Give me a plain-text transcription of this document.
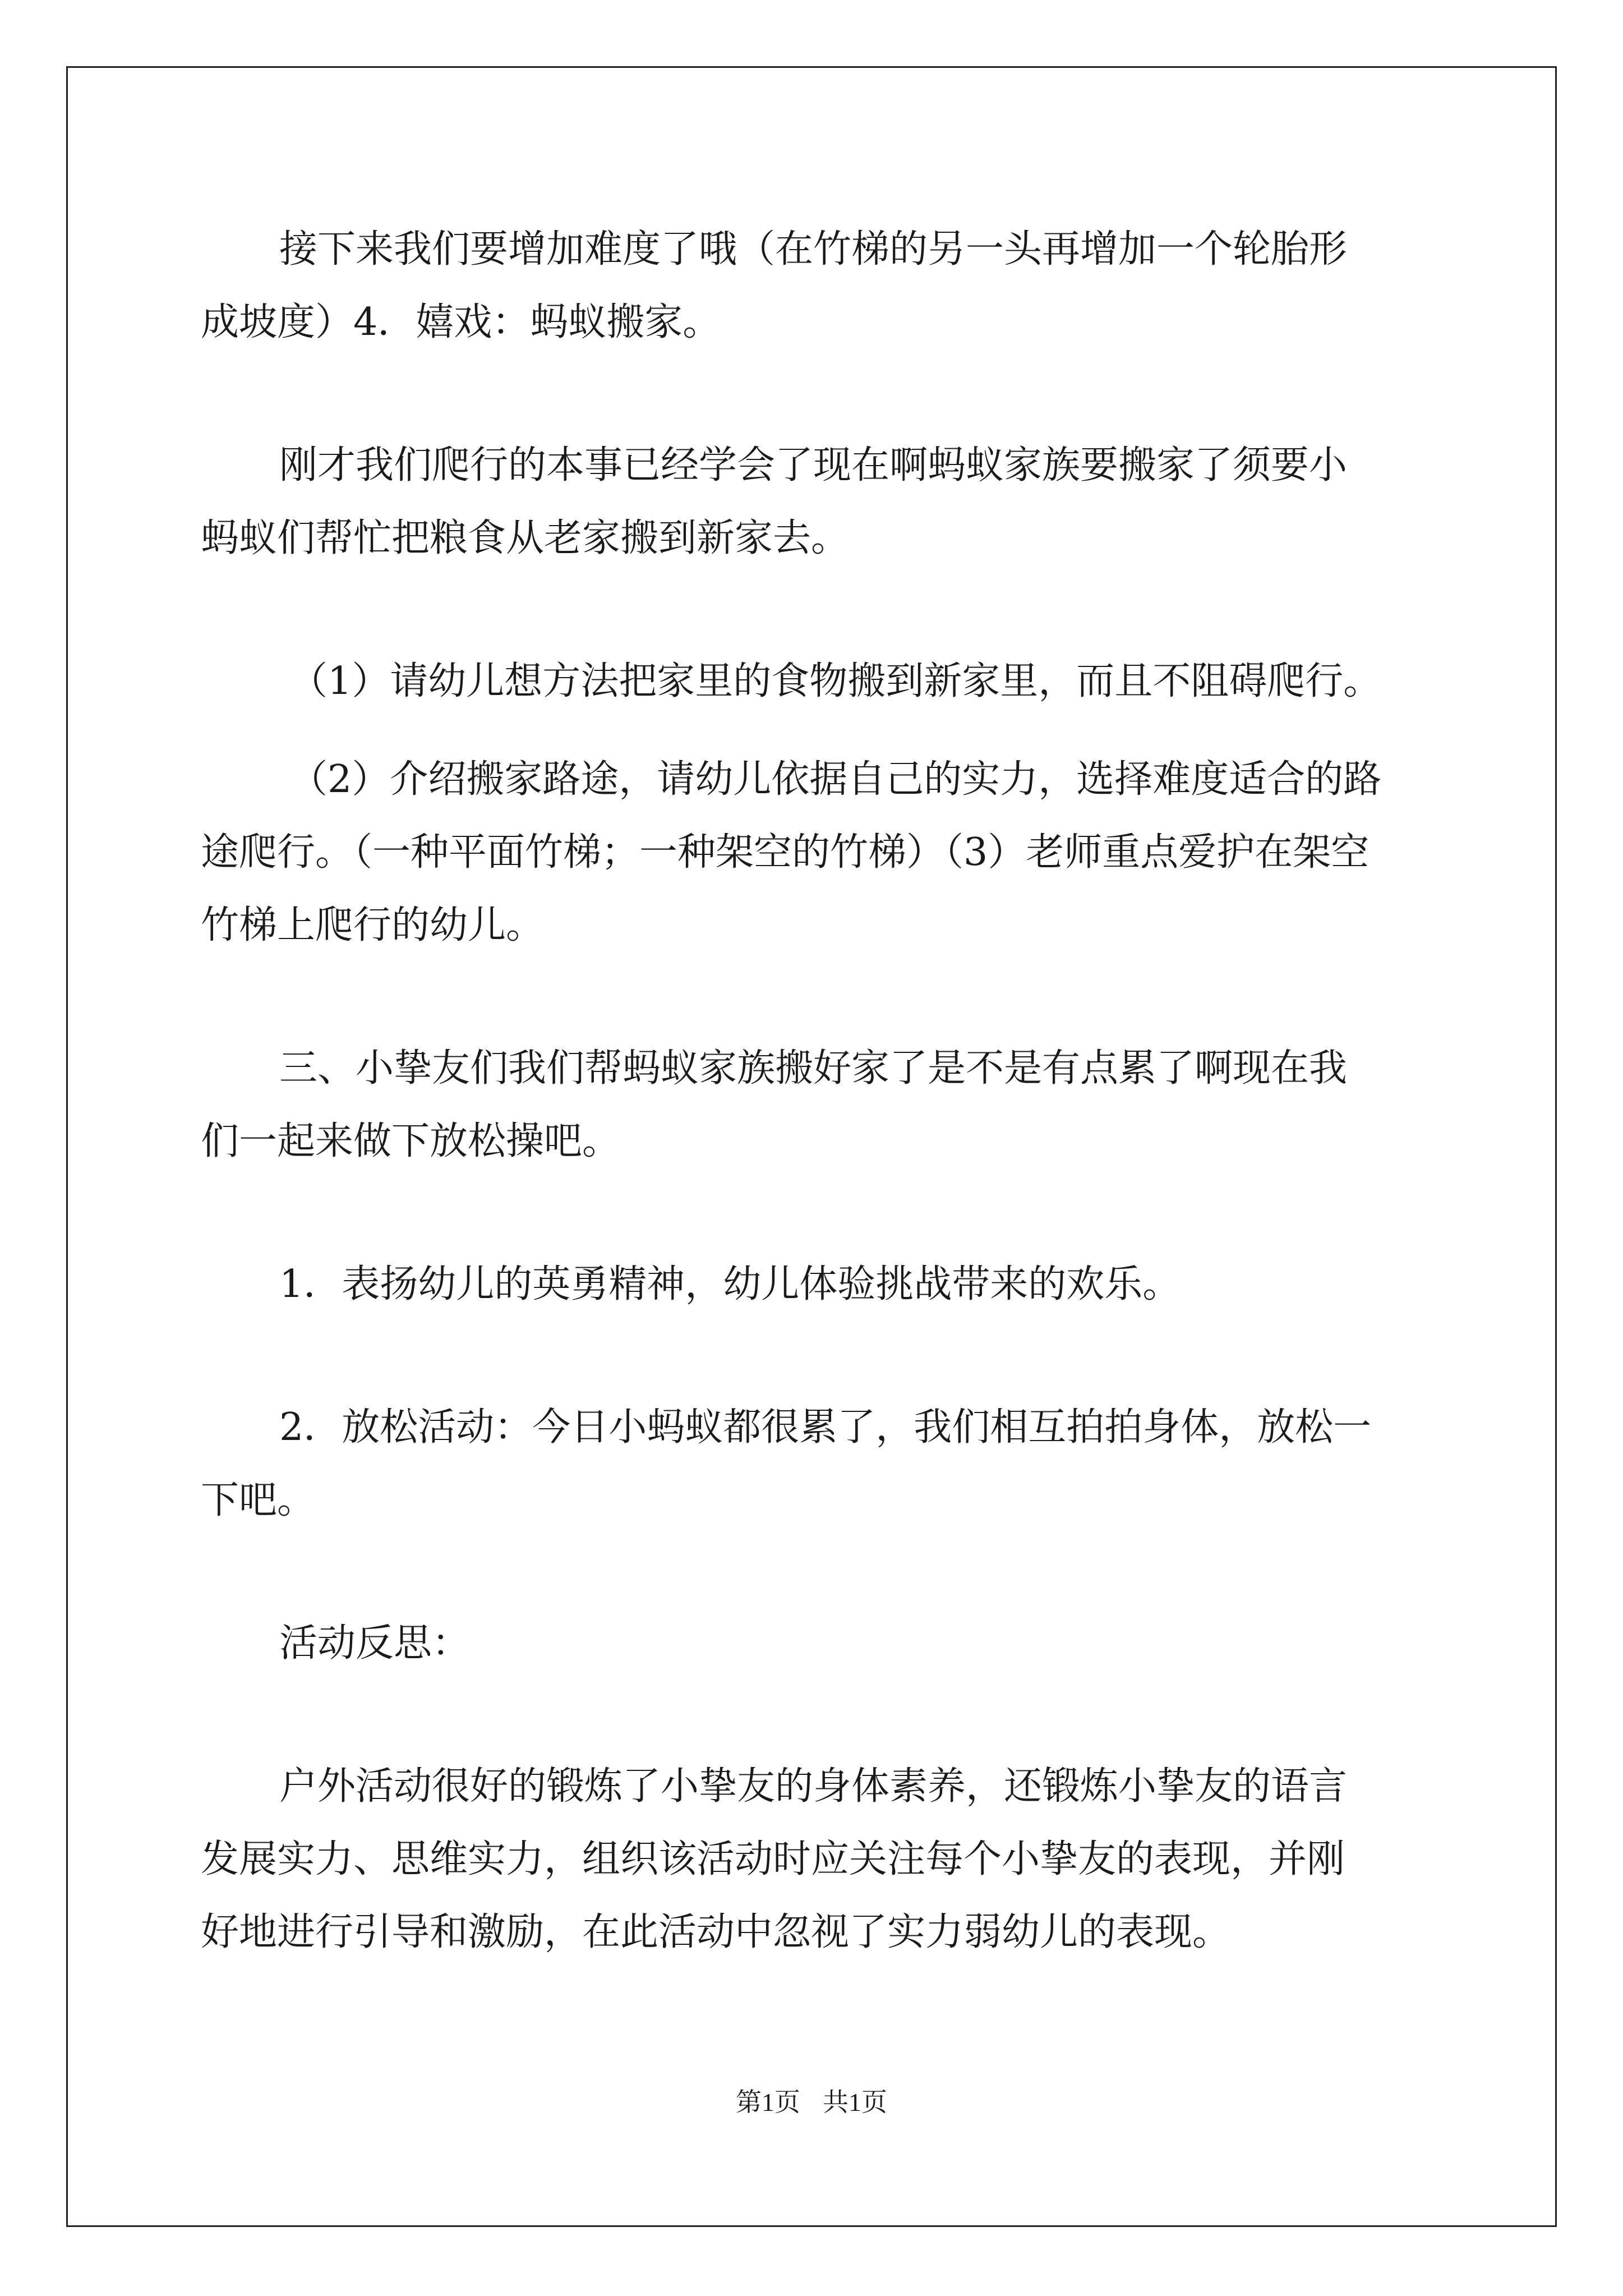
接下来我们要增加难度了哦（在竹梯的另一头再增加一个轮胎形
成坡度）4．嬉戏：蚂蚁搬家。
刚才我们爬行的本事已经学会了现在啊蚂蚁家族要搬家了须要小
蚂蚁们帮忙把粮食从老家搬到新家去。
（1）请幼儿想方法把家里的食物搬到新家里，而且不阻碍爬行。
（2）介绍搬家路途，请幼儿依据自己的实力，选择难度适合的路
途爬行。（一种平面竹梯；一种架空的竹梯）（3）老师重点爱护在架空
竹梯上爬行的幼儿。
三、小挚友们我们帮蚂蚁家族搬好家了是不是有点累了啊现在我
们一起来做下放松操吧。
1．表扬幼儿的英勇精神，幼儿体验挑战带来的欢乐。
2．放松活动：今日小蚂蚁都很累了，我们相互拍拍身体，放松一
下吧。
活动反思：
户外活动很好的锻炼了小挚友的身体素养，还锻炼小挚友的语言
发展实力、思维实力，组织该活动时应关注每个小挚友的表现，并刚
好地进行引导和激励，在此活动中忽视了实力弱幼儿的表现。
第1页 共1页
